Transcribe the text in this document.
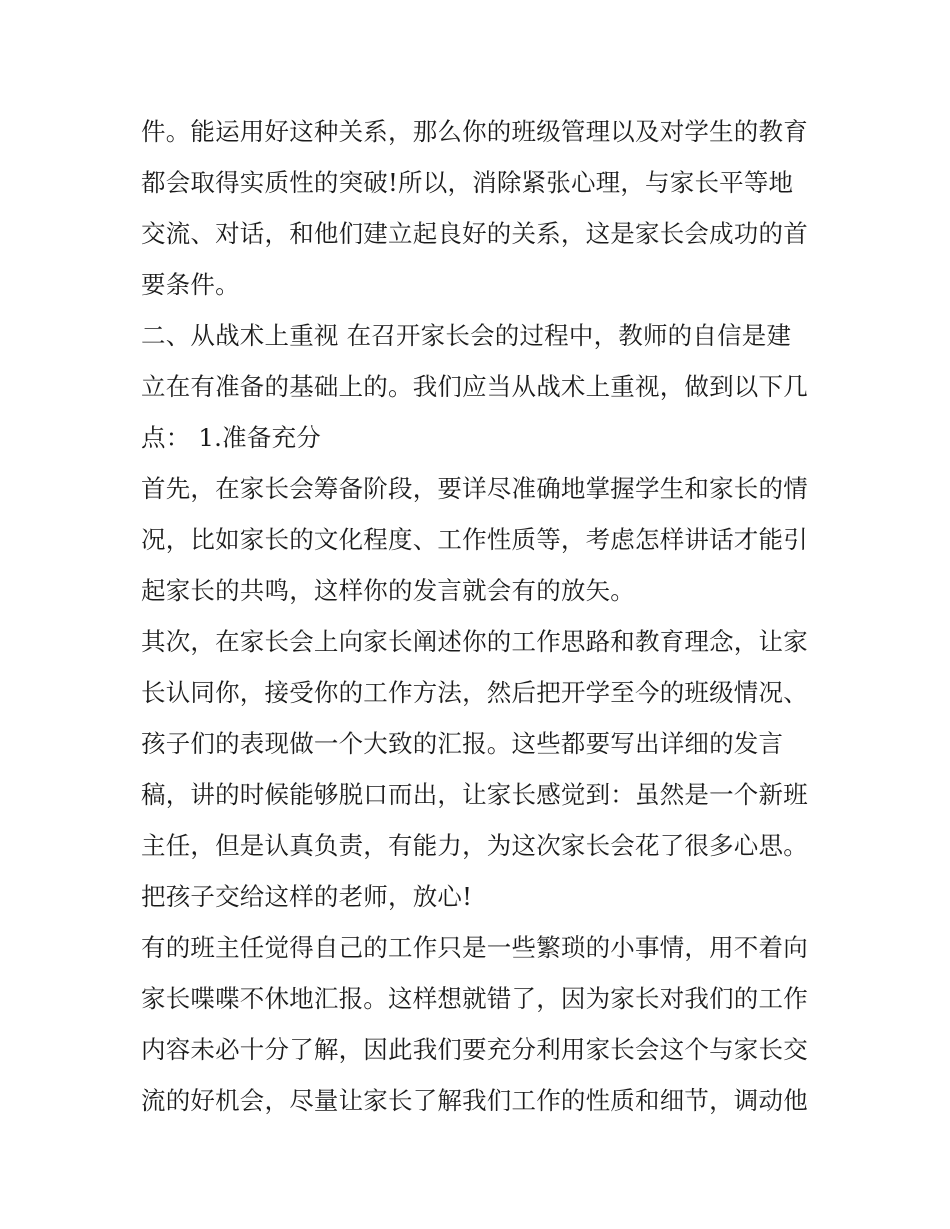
件。能运用好这种关系，那么你的班级管理以及对学生的教育
都会取得实质性的突破!所以，消除紧张心理，与家长平等地
交流、对话，和他们建立起良好的关系，这是家长会成功的首
要条件。
二、从战术上重视 在召开家长会的过程中，教师的自信是建
立在有准备的基础上的。我们应当从战术上重视，做到以下几
点： 1.准备充分
首先，在家长会筹备阶段，要详尽准确地掌握学生和家长的情
况，比如家长的文化程度、工作性质等，考虑怎样讲话才能引
起家长的共鸣，这样你的发言就会有的放矢。
其次，在家长会上向家长阐述你的工作思路和教育理念，让家
长认同你，接受你的工作方法，然后把开学至今的班级情况、
孩子们的表现做一个大致的汇报。这些都要写出详细的发言
稿，讲的时候能够脱口而出，让家长感觉到：虽然是一个新班
主任，但是认真负责，有能力，为这次家长会花了很多心思。
把孩子交给这样的老师，放心!
有的班主任觉得自己的工作只是一些繁琐的小事情，用不着向
家长喋喋不休地汇报。这样想就错了，因为家长对我们的工作
内容未必十分了解，因此我们要充分利用家长会这个与家长交
流的好机会，尽量让家长了解我们工作的性质和细节，调动他
